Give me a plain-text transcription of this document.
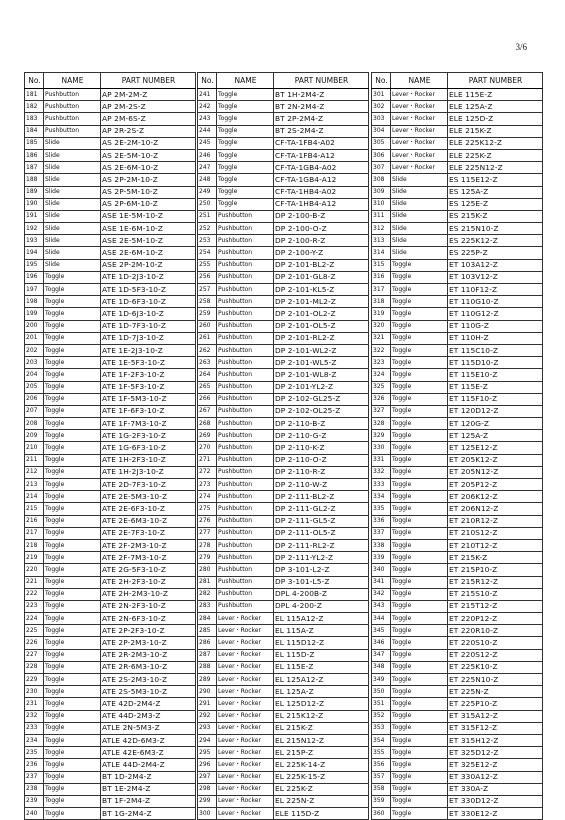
3/6
No.	NAME	PART NUMBER
181	Pushbutton	AP 2M-2M-Z
182	Pushbutton	AP 2M-2S-Z
183	Pushbutton	AP 2M-6S-Z
184	Pushbutton	AP 2R-2S-Z
185	Slide	AS 2E-2M-10-Z
186	Slide	AS 2E-5M-10-Z
187	Slide	AS 2E-6M-10-Z
188	Slide	AS 2P-2M-10-Z
189	Slide	AS 2P-5M-10-Z
190	Slide	AS 2P-6M-10-Z
191	Slide	ASE 1E-5M-10-Z
192	Slide	ASE 1E-6M-10-Z
193	Slide	ASE 2E-5M-10-Z
194	Slide	ASE 2E-6M-10-Z
195	Slide	ASE 2P-2M-10-Z
196	Toggle	ATE 1D-2J3-10-Z
197	Toggle	ATE 1D-5F3-10-Z
198	Toggle	ATE 1D-6F3-10-Z
199	Toggle	ATE 1D-6J3-10-Z
200	Toggle	ATE 1D-7F3-10-Z
201	Toggle	ATE 1D-7J3-10-Z
202	Toggle	ATE 1E-2J3-10-Z
203	Toggle	ATE 1E-5F3-10-Z
204	Toggle	ATE 1F-2F3-10-Z
205	Toggle	ATE 1F-5F3-10-Z
206	Toggle	ATE 1F-5M3-10-Z
207	Toggle	ATE 1F-6F3-10-Z
208	Toggle	ATE 1F-7M3-10-Z
209	Toggle	ATE 1G-2F3-10-Z
210	Toggle	ATE 1G-6F3-10-Z
211	Toggle	ATE 1H-2F3-10-Z
212	Toggle	ATE 1H-2J3-10-Z
213	Toggle	ATE 2D-7F3-10-Z
214	Toggle	ATE 2E-5M3-10-Z
215	Toggle	ATE 2E-6F3-10-Z
216	Toggle	ATE 2E-6M3-10-Z
217	Toggle	ATE 2E-7F3-10-Z
218	Toggle	ATE 2F-2M3-10-Z
219	Toggle	ATE 2F-7M3-10-Z
220	Toggle	ATE 2G-5F3-10-Z
221	Toggle	ATE 2H-2F3-10-Z
222	Toggle	ATE 2H-2M3-10-Z
223	Toggle	ATE 2N-2F3-10-Z
224	Toggle	ATE 2N-6F3-10-Z
225	Toggle	ATE 2P-2F3-10-Z
226	Toggle	ATE 2P-2M3-10-Z
227	Toggle	ATE 2R-2M3-10-Z
228	Toggle	ATE 2R-6M3-10-Z
229	Toggle	ATE 2S-2M3-10-Z
230	Toggle	ATE 2S-5M3-10-Z
231	Toggle	ATE 42D-2M4-Z
232	Toggle	ATE 44D-2M3-Z
233	Toggle	ATLE 2N-5M3-Z
234	Toggle	ATLE 42D-6M3-Z
235	Toggle	ATLE 42E-6M3-Z
236	Toggle	ATLE 44D-2M4-Z
237	Toggle	BT 1D-2M4-Z
238	Toggle	BT 1E-2M4-Z
239	Toggle	BT 1F-2M4-Z
240	Toggle	BT 1G-2M4-Z
No.	NAME	PART NUMBER
241	Toggle	BT 1H-2M4-Z
242	Toggle	BT 2N-2M4-Z
243	Toggle	BT 2P-2M4-Z
244	Toggle	BT 2S-2M4-Z
245	Toggle	CF-TA-1FB4-A02
246	Toggle	CF-TA-1FB4-A12
247	Toggle	CF-TA-1GB4-A02
248	Toggle	CF-TA-1GB4-A12
249	Toggle	CF-TA-1HB4-A02
250	Toggle	CF-TA-1HB4-A12
251	Pushbutton	DP 2-100-B-Z
252	Pushbutton	DP 2-100-O-Z
253	Pushbutton	DP 2-100-R-Z
254	Pushbutton	DP 2-100-Y-Z
255	Pushbutton	DP 2-101-BL2-Z
256	Pushbutton	DP 2-101-GL8-Z
257	Pushbutton	DP 2-101-KL5-Z
258	Pushbutton	DP 2-101-ML2-Z
259	Pushbutton	DP 2-101-OL2-Z
260	Pushbutton	DP 2-101-OL5-Z
261	Pushbutton	DP 2-101-RL2-Z
262	Pushbutton	DP 2-101-WL2-Z
263	Pushbutton	DP 2-101-WL5-Z
264	Pushbutton	DP 2-101-WL8-Z
265	Pushbutton	DP 2-101-YL2-Z
266	Pushbutton	DP 2-102-GL25-Z
267	Pushbutton	DP 2-102-OL25-Z
268	Pushbutton	DP 2-110-B-Z
269	Pushbutton	DP 2-110-G-Z
270	Pushbutton	DP 2-110-K-Z
271	Pushbutton	DP 2-110-O-Z
272	Pushbutton	DP 2-110-R-Z
273	Pushbutton	DP 2-110-W-Z
274	Pushbutton	DP 2-111-BL2-Z
275	Pushbutton	DP 2-111-GL2-Z
276	Pushbutton	DP 2-111-GL5-Z
277	Pushbutton	DP 2-111-OL5-Z
278	Pushbutton	DP 2-111-RL2-Z
279	Pushbutton	DP 2-111-YL2-Z
280	Pushbutton	DP 3-101-L2-Z
281	Pushbutton	DP 3-101-L5-Z
282	Pushbutton	DPL 4-200B-Z
283	Pushbutton	DPL 4-200-Z
284	Lever・Rocker	EL 115A12-Z
285	Lever・Rocker	EL 115A-Z
286	Lever・Rocker	EL 115D12-Z
287	Lever・Rocker	EL 115D-Z
288	Lever・Rocker	EL 115E-Z
289	Lever・Rocker	EL 125A12-Z
290	Lever・Rocker	EL 125A-Z
291	Lever・Rocker	EL 125D12-Z
292	Lever・Rocker	EL 215K12-Z
293	Lever・Rocker	EL 215K-Z
294	Lever・Rocker	EL 215N12-Z
295	Lever・Rocker	EL 215P-Z
296	Lever・Rocker	EL 225K-14-Z
297	Lever・Rocker	EL 225K-15-Z
298	Lever・Rocker	EL 225K-Z
299	Lever・Rocker	EL 225N-Z
300	Lever・Rocker	ELE 115D-Z
No.	NAME	PART NUMBER
301	Lever・Rocker	ELE 115E-Z
302	Lever・Rocker	ELE 125A-Z
303	Lever・Rocker	ELE 125D-Z
304	Lever・Rocker	ELE 215K-Z
305	Lever・Rocker	ELE 225K12-Z
306	Lever・Rocker	ELE 225K-Z
307	Lever・Rocker	ELE 225N12-Z
308	Slide	ES 115E12-Z
309	Slide	ES 125A-Z
310	Slide	ES 125E-Z
311	Slide	ES 215K-Z
312	Slide	ES 215N10-Z
313	Slide	ES 225K12-Z
314	Slide	ES 225P-Z
315	Toggle	ET 103A12-Z
316	Toggle	ET 103V12-Z
317	Toggle	ET 110F12-Z
318	Toggle	ET 110G10-Z
319	Toggle	ET 110G12-Z
320	Toggle	ET 110G-Z
321	Toggle	ET 110H-Z
322	Toggle	ET 115C10-Z
323	Toggle	ET 115D10-Z
324	Toggle	ET 115E10-Z
325	Toggle	ET 115E-Z
326	Toggle	ET 115F10-Z
327	Toggle	ET 120D12-Z
328	Toggle	ET 120G-Z
329	Toggle	ET 125A-Z
330	Toggle	ET 125E12-Z
331	Toggle	ET 205K12-Z
332	Toggle	ET 205N12-Z
333	Toggle	ET 205P12-Z
334	Toggle	ET 206K12-Z
335	Toggle	ET 206N12-Z
336	Toggle	ET 210R12-Z
337	Toggle	ET 210S12-Z
338	Toggle	ET 210T12-Z
339	Toggle	ET 215K-Z
340	Toggle	ET 215P10-Z
341	Toggle	ET 215R12-Z
342	Toggle	ET 215S10-Z
343	Toggle	ET 215T12-Z
344	Toggle	ET 220P12-Z
345	Toggle	ET 220R10-Z
346	Toggle	ET 220S10-Z
347	Toggle	ET 220S12-Z
348	Toggle	ET 225K10-Z
349	Toggle	ET 225N10-Z
350	Toggle	ET 225N-Z
351	Toggle	ET 225P10-Z
352	Toggle	ET 315A12-Z
353	Toggle	ET 315F12-Z
354	Toggle	ET 315H12-Z
355	Toggle	ET 325D12-Z
356	Toggle	ET 325E12-Z
357	Toggle	ET 330A12-Z
358	Toggle	ET 330A-Z
359	Toggle	ET 330D12-Z
360	Toggle	ET 330E12-Z
